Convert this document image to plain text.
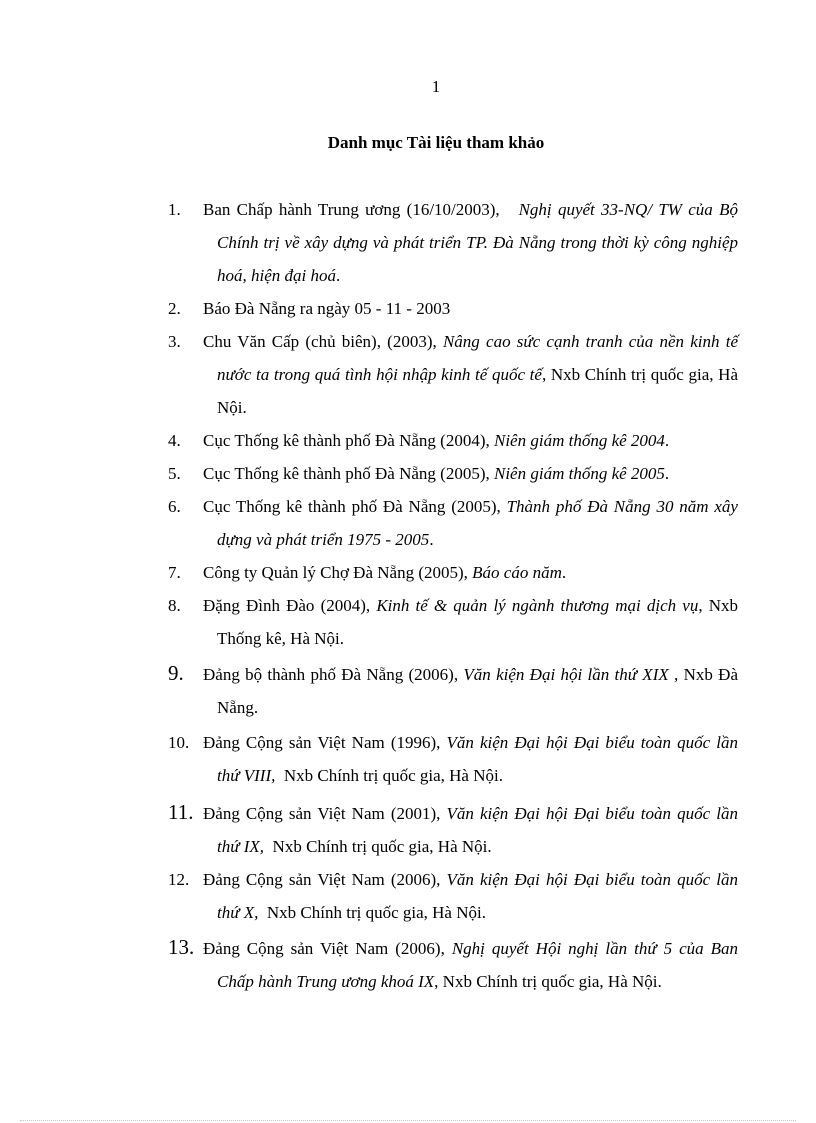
1
Danh mục Tài liệu tham khảo

1. Ban Chấp hành Trung ương (16/10/2003),   Nghị quyết 33-NQ/ TW của Bộ Chính trị về xây dựng và phát triển TP. Đà Nẵng trong thời kỳ công nghiệp hoá, hiện đại hoá.

2. Báo Đà Nẵng ra ngày 05 - 11 - 2003

3. Chu Văn Cấp (chủ biên), (2003), Nâng cao sức cạnh tranh của nền kinh tế nước ta trong quá tình hội nhập kinh tế quốc tế, Nxb Chính trị quốc gia, Hà Nội.

4. Cục Thống kê thành phố Đà Nẵng (2004), Niên giám thống kê 2004.

5. Cục Thống kê thành phố Đà Nẵng (2005), Niên giám thống kê 2005.

6. Cục Thống kê thành phố Đà Nẵng (2005), Thành phố Đà Nẵng 30 năm xây dựng và phát triển 1975 - 2005.

7. Công ty Quản lý Chợ Đà Nẵng (2005), Báo cáo năm.

8. Đặng Đình Đào (2004), Kinh tế & quản lý ngành thương mại dịch vụ, Nxb Thống kê, Hà Nội.

9. Đảng bộ thành phố Đà Nẵng (2006), Văn kiện Đại hội lần thứ XIX , Nxb Đà Nẵng.

10. Đảng Cộng sản Việt Nam (1996), Văn kiện Đại hội Đại biểu toàn quốc lần thứ VIII,  Nxb Chính trị quốc gia, Hà Nội.

11. Đảng Cộng sản Việt Nam (2001), Văn kiện Đại hội Đại biểu toàn quốc lần thứ IX,  Nxb Chính trị quốc gia, Hà Nội.

12. Đảng Cộng sản Việt Nam (2006), Văn kiện Đại hội Đại biểu toàn quốc lần thứ X,  Nxb Chính trị quốc gia, Hà Nội.

13. Đảng Cộng sản Việt Nam (2006), Nghị quyết Hội nghị lần thứ 5 của Ban Chấp hành Trung ương khoá IX, Nxb Chính trị quốc gia, Hà Nội.
